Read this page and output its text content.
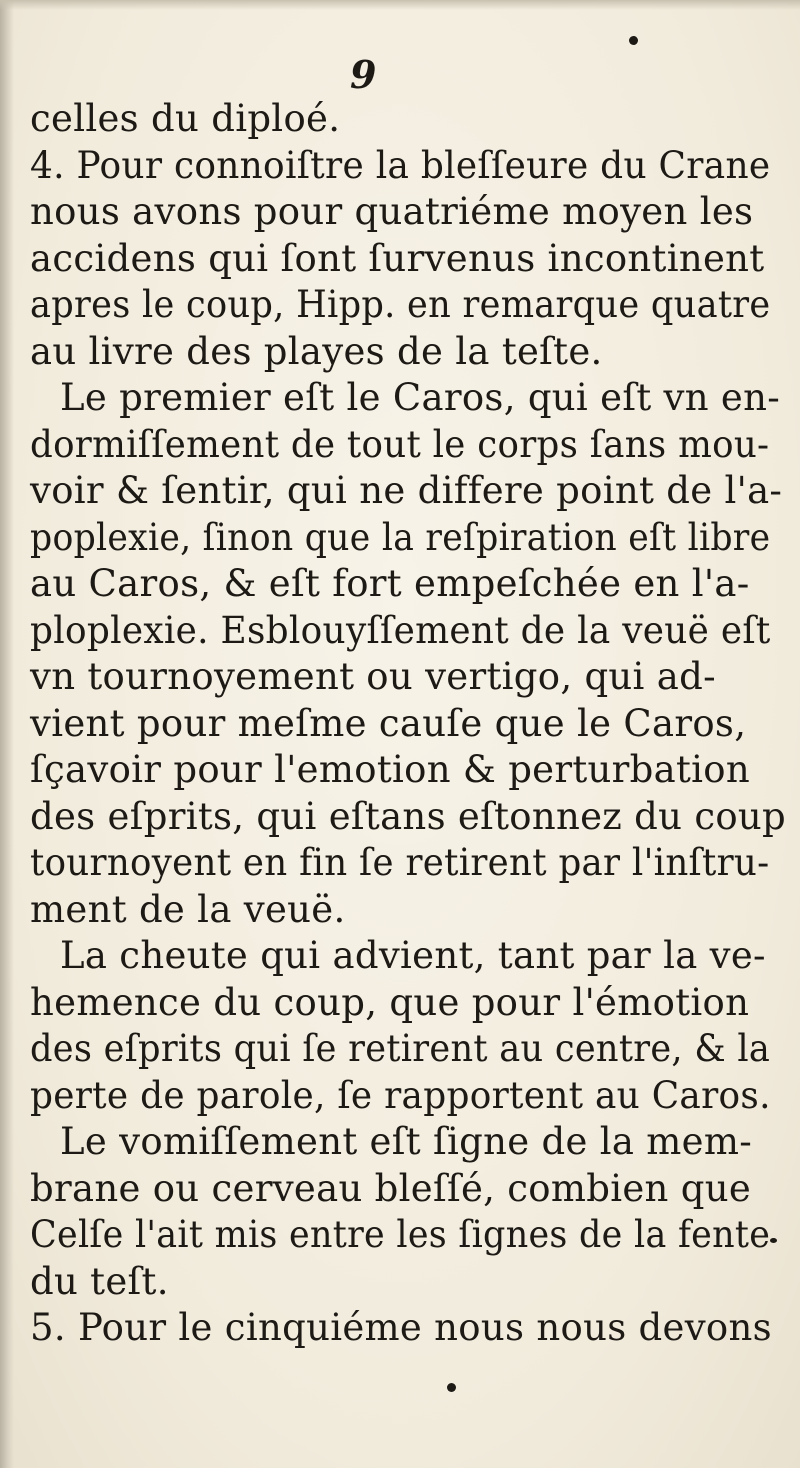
9
celles du diploé.
4. Pour connoiſtre la bleſſeure du Crane
nous avons pour quatriéme moyen les
accidens qui ſont ſurvenus incontinent
apres le coup, Hipp. en remarque quatre
au livre des playes de la teſte.
Le premier eſt le Caros, qui eſt vn en-
dormiſſement de tout le corps ſans mou-
voir & ſentir, qui ne differe point de l'a-
poplexie, ſinon que la reſpiration eſt libre
au Caros, & eſt fort empeſchée en l'a-
ploplexie. Esblouyſſement de la veuë eſt
vn tournoyement ou vertigo, qui ad-
vient pour meſme cauſe que le Caros,
ſçavoir pour l'emotion & perturbation
des eſprits, qui eſtans eſtonnez du coup
tournoyent en fin ſe retirent par l'inſtru-
ment de la veuë.
La cheute qui advient, tant par la ve-
hemence du coup, que pour l'émotion
des eſprits qui ſe retirent au centre, & la
perte de parole, ſe rapportent au Caros.
Le vomiſſement eſt ſigne de la mem-
brane ou cerveau bleſſé, combien que
Celſe l'ait mis entre les ſignes de la fente
du teſt.
5. Pour le cinquiéme nous nous devons
